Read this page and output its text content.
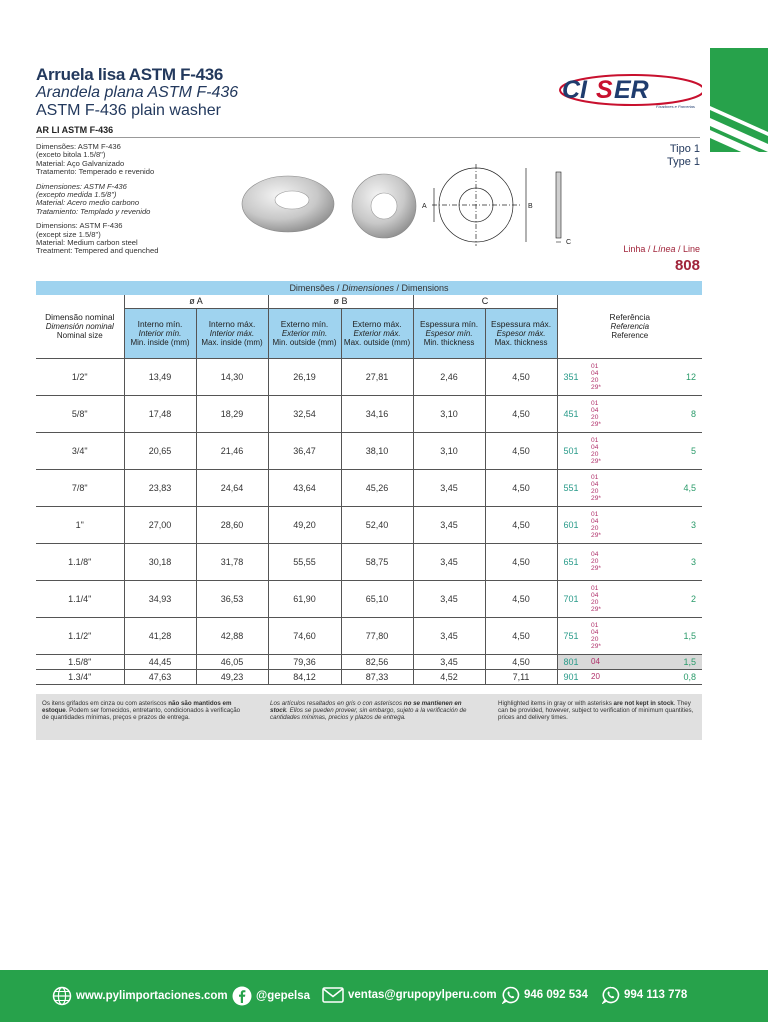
Arruela lisa ASTM F-436
Arandela plana ASTM F-436
ASTM F-436 plain washer
AR LI ASTM F-436
CI S ER
Fixadores e Parcerias
Dimensões: ASTM F-436
(exceto bitola 1.5/8")
Material: Aço Galvanizado
Tratamento: Temperado e revenido
Dimensiones: ASTM F-436
(excepto medida 1.5/8")
Material: Acero medio carbono
Tratamiento: Templado y revenido
Dimensions: ASTM F-436
(except size 1.5/8")
Material: Medium carbon steel
Treatment: Tempered and quenched
A	B
C
Tipo 1
Type 1
Linha / Línea / Line
808
Dimensões / Dimensiones / Dimensions
Dimensão nominal
Dimensión nominal
Nominal size	ø A		ø B		C		Referência
Referencia
Reference		

	Interno mín.
Interior mín.
Min. inside (mm)	Interno máx.
Interior máx.
Max. inside (mm)	Externo mín.
Exterior mín.
Min. outside (mm)	Externo máx.
Exterior máx.
Max. outside (mm)	Espessura mín.
Espesor mín.
Min. thickness	Espessura máx.
Espesor máx.
Max. thickness			

1/2"	13,49	14,30	26,19	27,81	2,46	4,50	351	01
04
20
29*	12
5/8"	17,48	18,29	32,54	34,16	3,10	4,50	451	01
04
20
29*	8
3/4"	20,65	21,46	36,47	38,10	3,10	4,50	501	01
04
20
29*	5
7/8"	23,83	24,64	43,64	45,26	3,45	4,50	551	01
04
20
29*	4,5
1"	27,00	28,60	49,20	52,40	3,45	4,50	601	01
04
20
29*	3
1.1/8"	30,18	31,78	55,55	58,75	3,45	4,50	651	04
20
29*	3
1.1/4"	34,93	36,53	61,90	65,10	3,45	4,50	701	01
04
20
29*	2
1.1/2"	41,28	42,88	74,60	77,80	3,45	4,50	751	01
04
20
29*	1,5
1.5/8"	44,45	46,05	79,36	82,56	3,45	4,50	801	04	1,5
1.3/4"	47,63	49,23	84,12	87,33	4,52	7,11	901	20	0,8
Os itens grifados em cinza ou com asteriscos não são mantidos em estoque. Podem ser fornecidos, entretanto, condicionados à verificação de quantidades mínimas, preços e prazos de entrega.
Los artículos resaltados en gris o con asteriscos no se mantienen en stock. Ellos se pueden proveer, sin embargo, sujeto a la verificación de cantidades mínimas, precios y plazos de entrega.
Highlighted items in gray or with asterisks are not kept in stock. They can be provided, however, subject to verification of minimum quantities, prices and delivery times.
www.pylimportaciones.com @gepelsa	ventas@grupopylperu.com 946 092 534	994 113 778
